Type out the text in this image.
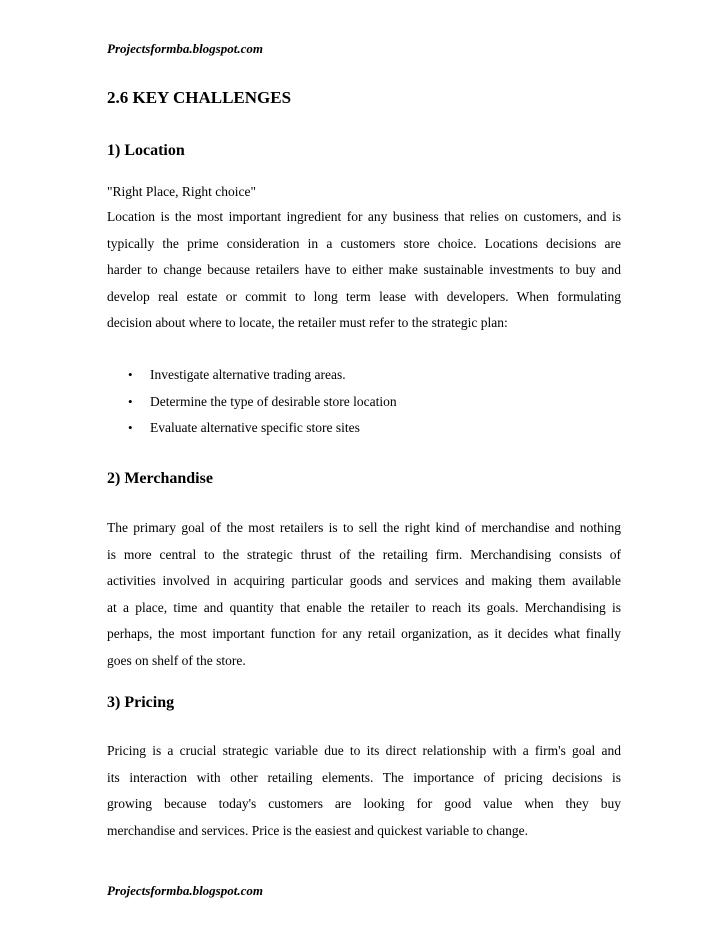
Projectsformba.blogspot.com
2.6 KEY CHALLENGES
1) Location

"Right Place, Right choice"

Location is the most important ingredient for any business that relies on customers, and is
typically the prime consideration in a customers store choice. Locations decisions are
harder to change because retailers have to either make sustainable investments to buy and
develop real estate or commit to long term lease with developers. When formulating
decision about where to locate, the retailer must refer to the strategic plan:
• Investigate alternative trading areas.
• Determine the type of desirable store location
• Evaluate alternative specific store sites
2) Merchandise
The primary goal of the most retailers is to sell the right kind of merchandise and nothing
is more central to the strategic thrust of the retailing firm. Merchandising consists of
activities involved in acquiring particular goods and services and making them available
at a place, time and quantity that enable the retailer to reach its goals. Merchandising is
perhaps, the most important function for any retail organization, as it decides what finally
goes on shelf of the store.
3) Pricing
Pricing is a crucial strategic variable due to its direct relationship with a firm's goal and
its interaction with other retailing elements. The importance of pricing decisions is
growing because today's customers are looking for good value when they buy
merchandise and services. Price is the easiest and quickest variable to change.
Projectsformba.blogspot.com
